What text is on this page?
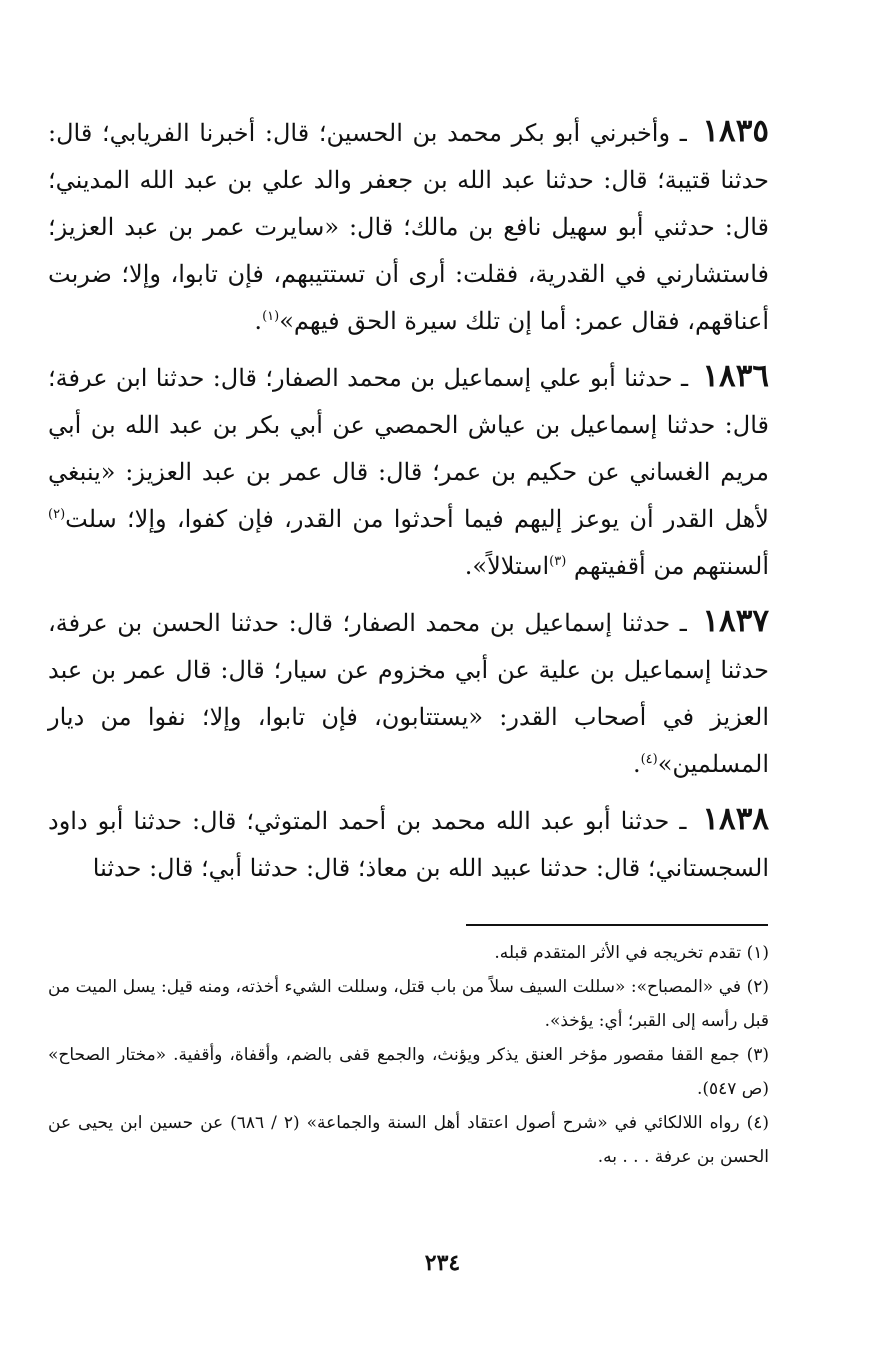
١٨٣٥ ـ وأخبرني أبو بكر محمد بن الحسين؛ قال: أخبرنا الفريابي؛ قال: حدثنا قتيبة؛ قال: حدثنا عبد الله بن جعفر والد علي بن عبد الله المديني؛ قال: حدثني أبو سهيل نافع بن مالك؛ قال: «سايرت عمر بن عبد العزيز؛ فاستشارني في القدرية، فقلت: أرى أن تستتيبهم، فإن تابوا، وإلا؛ ضربت أعناقهم، فقال عمر: أما إن تلك سيرة الحق فيهم»$^{(١)}$.

١٨٣٦ ـ حدثنا أبو علي إسماعيل بن محمد الصفار؛ قال: حدثنا ابن عرفة؛ قال: حدثنا إسماعيل بن عياش الحمصي عن أبي بكر بن عبد الله بن أبي مريم الغساني عن حكيم بن عمر؛ قال: قال عمر بن عبد العزيز: «ينبغي لأهل القدر أن يوعز إليهم فيما أحدثوا من القدر، فإن كفوا، وإلا؛ سلت$^{(٢)}$ ألسنتهم من أقفيتهم $^{(٣)}$استلالاً».

١٨٣٧ ـ حدثنا إسماعيل بن محمد الصفار؛ قال: حدثنا الحسن بن عرفة، حدثنا إسماعيل بن علية عن أبي مخزوم عن سيار؛ قال: قال عمر بن عبد العزيز في أصحاب القدر: «يستتابون، فإن تابوا، وإلا؛ نفوا من ديار المسلمين»$^{(٤)}$.

١٨٣٨ ـ حدثنا أبو عبد الله محمد بن أحمد المتوثي؛ قال: حدثنا أبو داود السجستاني؛ قال: حدثنا عبيد الله بن معاذ؛ قال: حدثنا أبي؛ قال: حدثنا

(١) تقدم تخريجه في الأثر المتقدم قبله.

(٢) في «المصباح»: «سللت السيف سلاً من باب قتل، وسللت الشيء أخذته، ومنه قيل: يسل الميت من قبل رأسه إلى القبر؛ أي: يؤخذ».

(٣) جمع القفا مقصور مؤخر العنق يذكر ويؤنث، والجمع قفى بالضم، وأقفاة، وأقفية. «مختار الصحاح» (ص ٥٤٧).

(٤) رواه اللالكائي في «شرح أصول اعتقاد أهل السنة والجماعة» (٢ / ٦٨٦) عن حسين ابن يحيى عن الحسن بن عرفة . . . به.

٢٣٤
